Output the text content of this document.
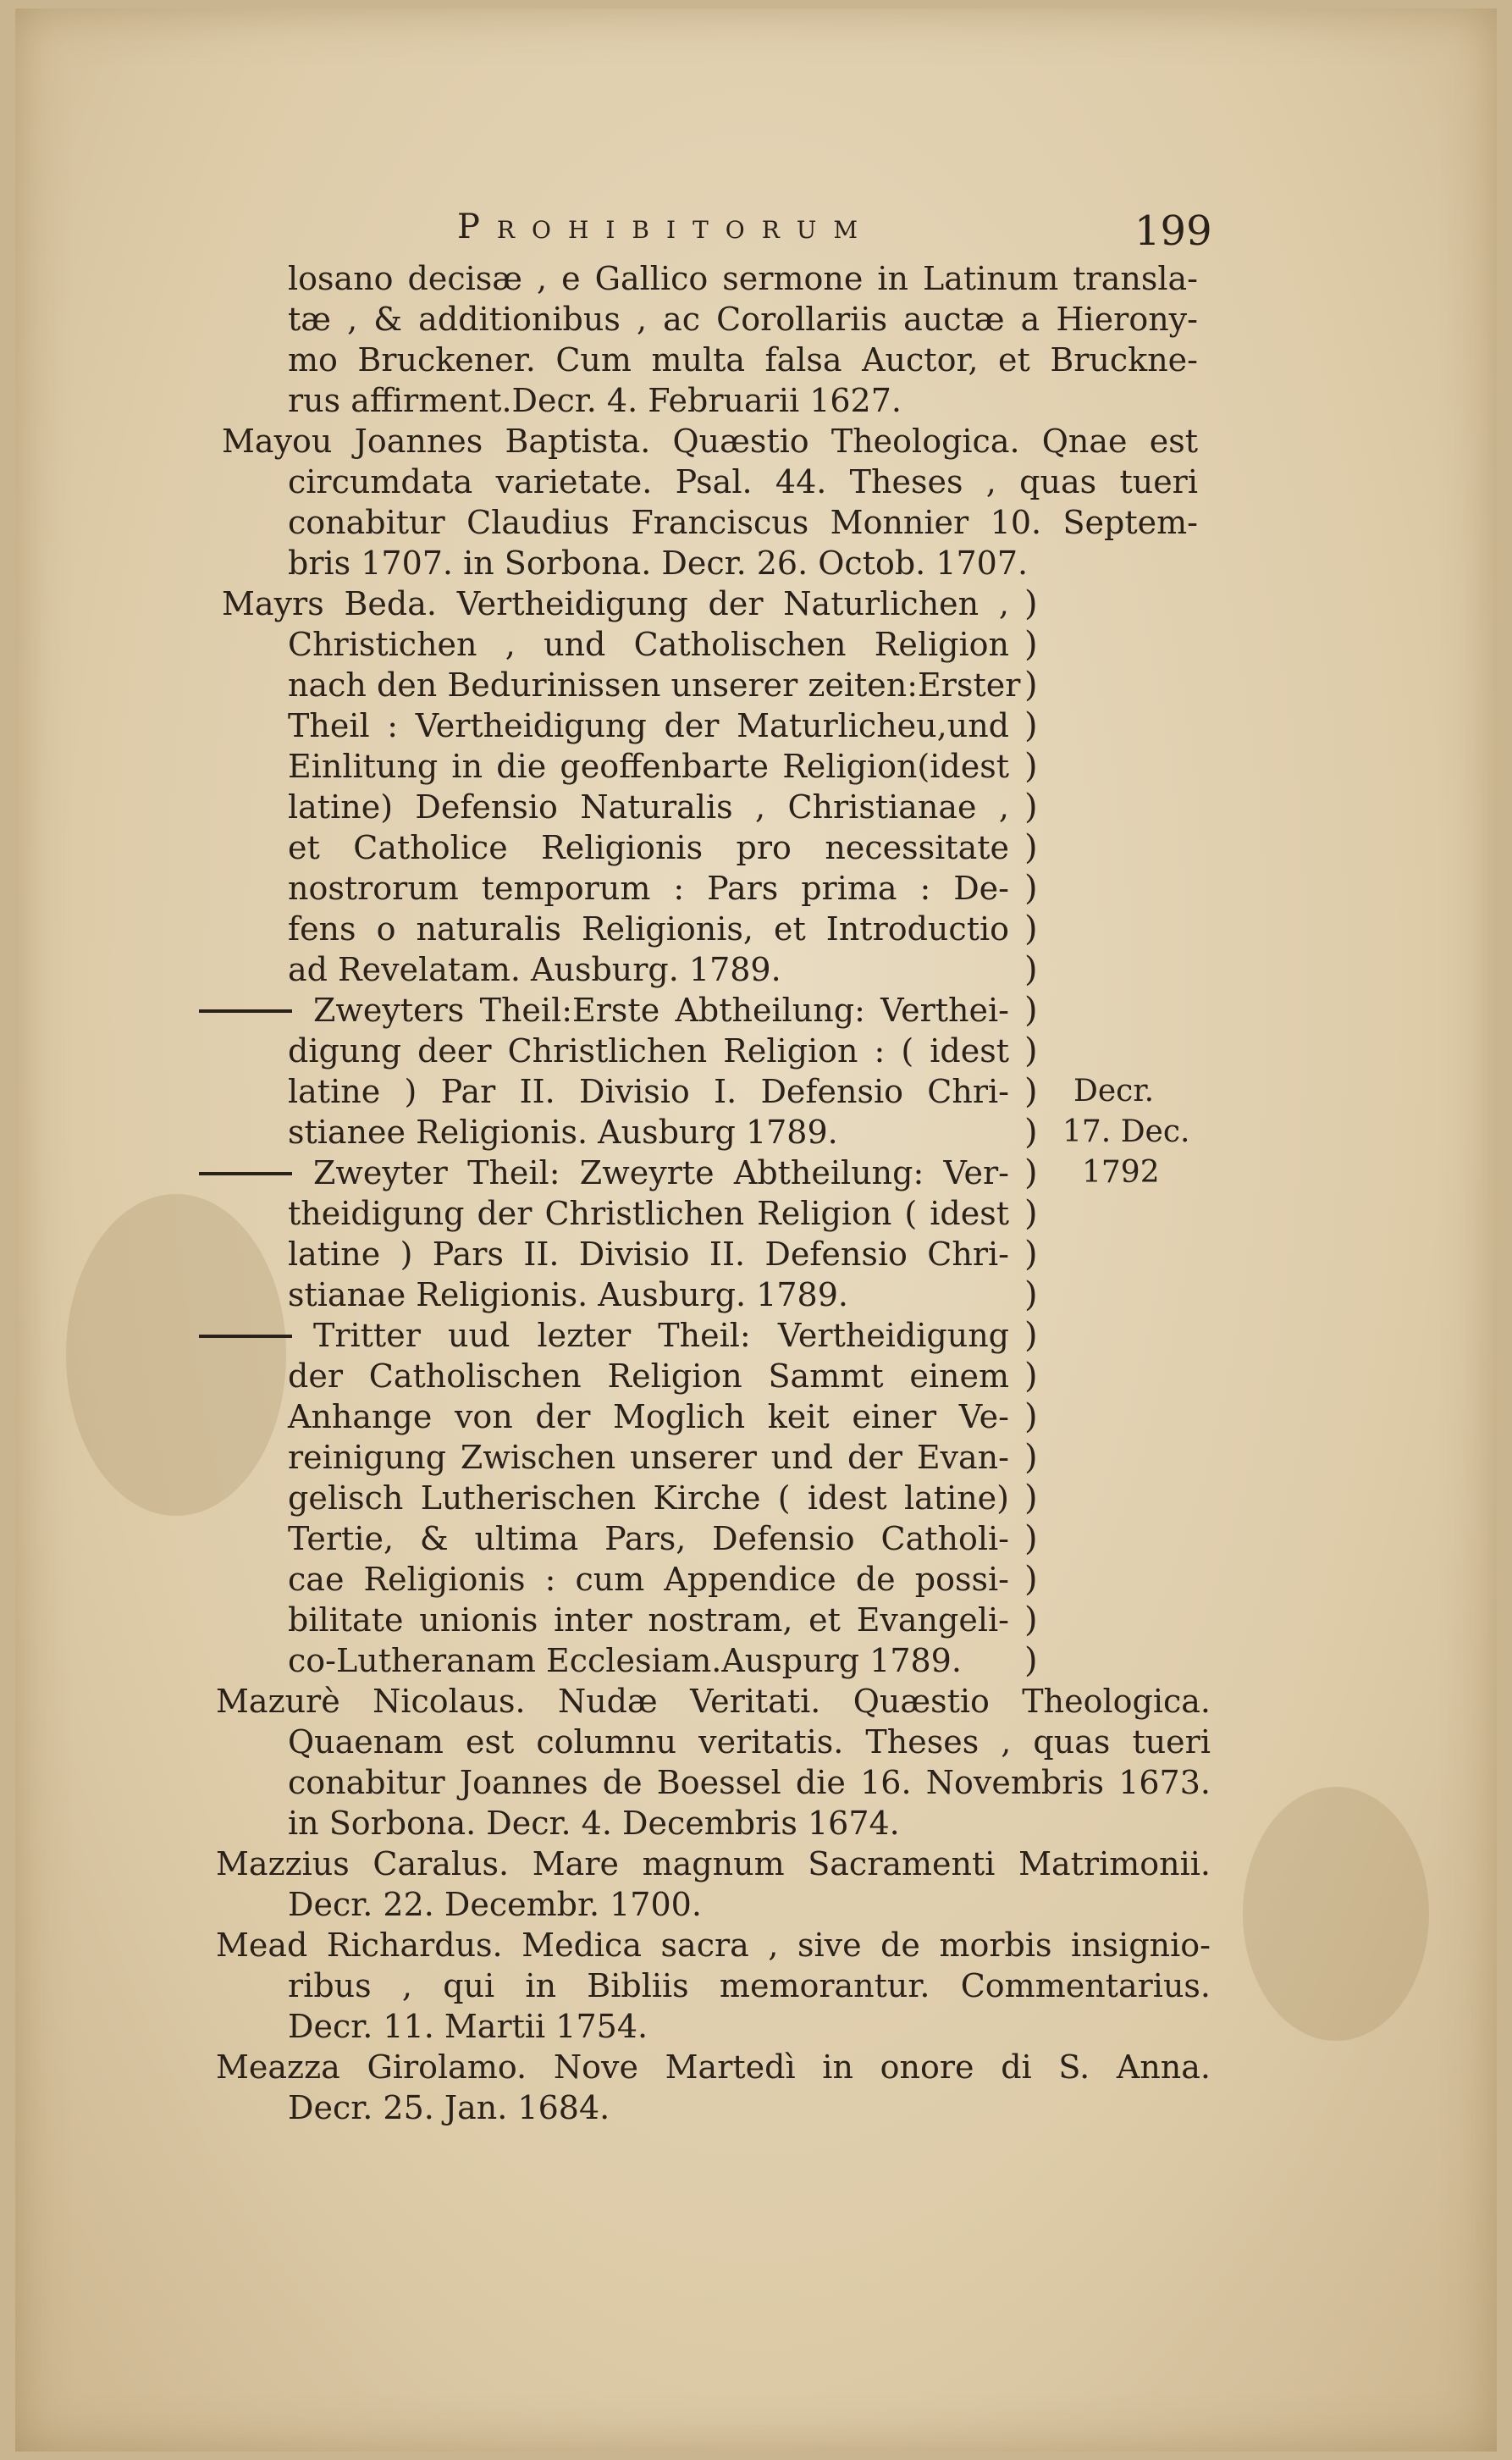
Prohibitorum	199
losano decisæ , e Gallico sermone in Latinum transla-
tæ , & additionibus , ac Corollariis auctæ a Hierony-
mo Bruckener. Cum multa falsa Auctor, et Bruckne-
rus affirment.Decr. 4. Februarii 1627.
Mayou Joannes Baptista. Quæstio Theologica. Qnae est
circumdata varietate. Psal. 44. Theses , quas tueri
conabitur Claudius Franciscus Monnier 10. Septem-
bris 1707. in Sorbona. Decr. 26. Octob. 1707.
Mayrs Beda. Vertheidigung der Naturlichen ,
Christichen , und Catholischen Religion
nach den Bedurinissen unserer zeiten:Erster
Theil : Vertheidigung der Maturlicheu,und
Einlitung in die geoffenbarte Religion(idest
latine) Defensio Naturalis , Christianae ,
et Catholice Religionis pro necessitate
nostrorum temporum : Pars prima : De-
fens o naturalis Religionis, et Introductio
ad Revelatam. Ausburg. 1789.
Zweyters Theil:Erste Abtheilung: Verthei-
digung deer Christlichen Religion : ( idest
latine ) Par II. Divisio I. Defensio Chri-
stianee Religionis. Ausburg 1789.
Zweyter Theil: Zweyrte Abtheilung: Ver-
theidigung der Christlichen Religion ( idest
latine ) Pars II. Divisio II. Defensio Chri-
stianae Religionis. Ausburg. 1789.
Tritter uud lezter Theil: Vertheidigung
der Catholischen Religion Sammt einem
Anhange von der Moglich keit einer Ve-
reinigung Zwischen unserer und der Evan-
gelisch Lutherischen Kirche ( idest latine)
Tertie, & ultima Pars, Defensio Catholi-
cae Religionis : cum Appendice de possi-
bilitate unionis inter nostram, et Evangeli-
co-Lutheranam Ecclesiam.Auspurg 1789.
)
)
)
)
)
)
)
)
)
)
)
)
)
)
)
)
)
)
)
)
)
)
)
)
)
)
)
Decr.
17. Dec.
1792
Mazurè Nicolaus. Nudæ Veritati. Quæstio Theologica.
Quaenam est columnu veritatis. Theses , quas tueri
conabitur Joannes de Boessel die 16. Novembris 1673.
in Sorbona. Decr. 4. Decembris 1674.
Mazzius Caralus. Mare magnum Sacramenti Matrimonii.
Decr. 22. Decembr. 1700.
Mead Richardus. Medica sacra , sive de morbis insignio-
ribus , qui in Bibliis memorantur. Commentarius.
Decr. 11. Martii 1754.
Meazza Girolamo. Nove Martedì in onore di S. Anna.
Decr. 25. Jan. 1684.
